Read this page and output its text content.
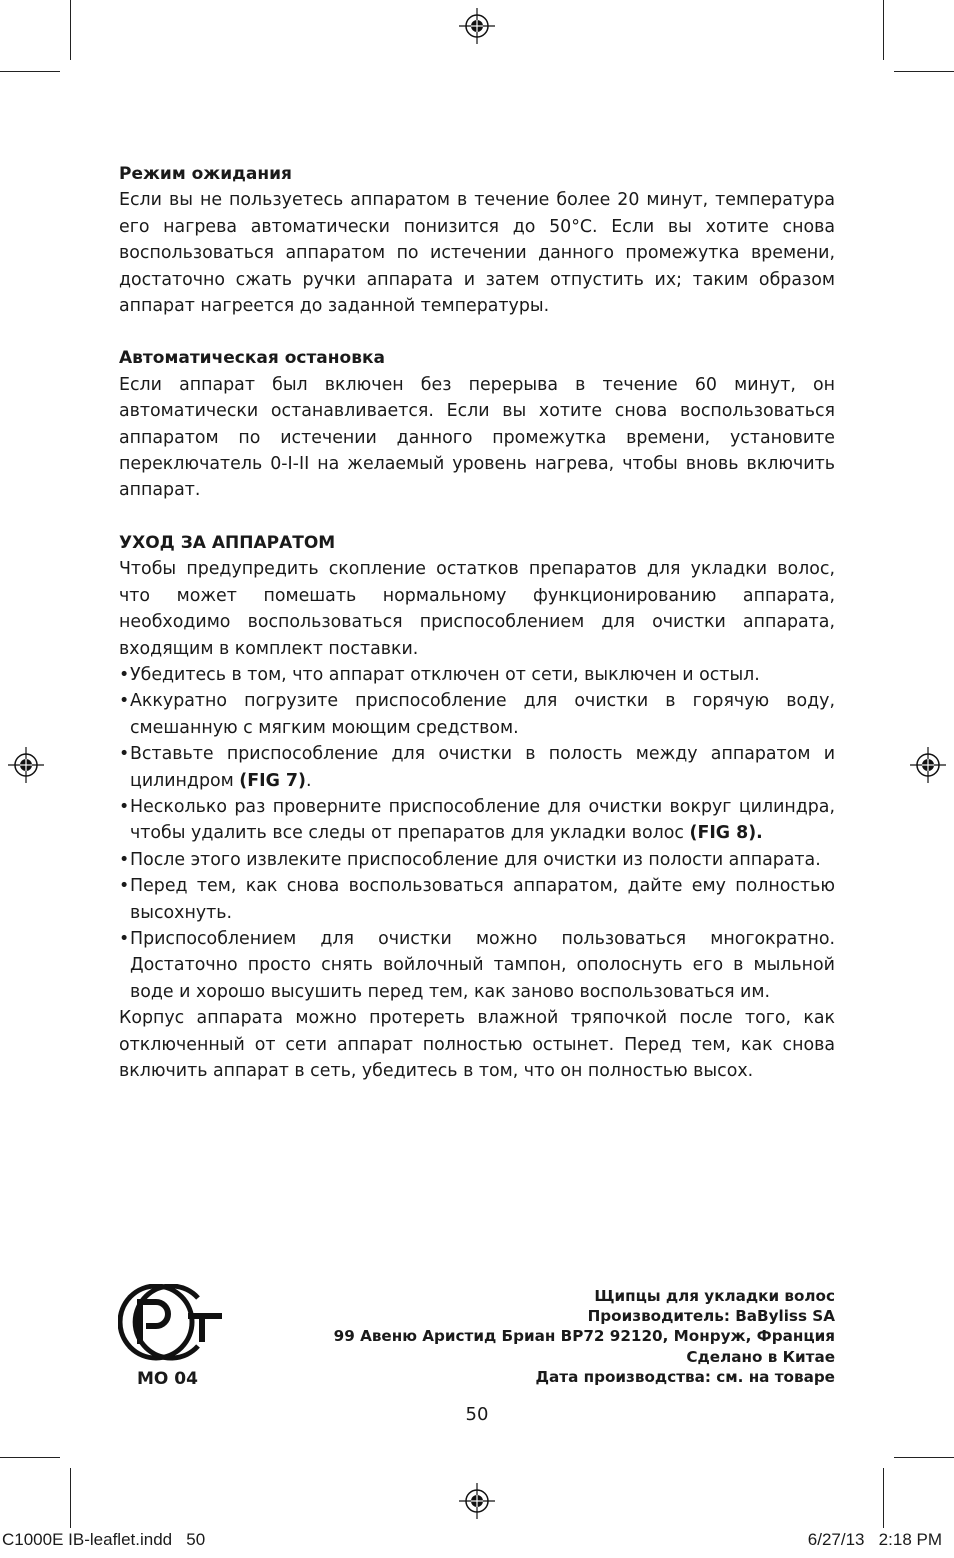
Режим ожидания

Если вы не пользуетесь аппаратом в течение более 20 минут, температура его нагрева автоматически понизится до 50°C. Если вы хотите снова воспользоваться аппаратом по истечении данного промежутка времени, достаточно сжать ручки аппарата и затем отпустить их; таким образом аппарат нагреется до заданной температуры.

Автоматическая остановка

Если аппарат был включен без перерыва в течение 60 минут, он автоматически останавливается. Если вы хотите снова воспользоваться аппаратом по истечении данного промежутка времени, установите переключатель 0-I-II на желаемый уровень нагрева, чтобы вновь включить аппарат.

УХОД ЗА АППАРАТОМ

Чтобы предупредить скопление остатков препаратов для укладки волос, что может помешать нормальному функционированию аппарата, необходимо воспользоваться приспособлением для очистки аппарата, входящим в комплект поставки.

• Убедитесь в том, что аппарат отключен от сети, выключен и остыл.
• Аккуратно погрузите приспособление для очистки в горячую воду, смешанную с мягким моющим средством.
• Вставьте приспособление для очистки в полость между аппаратом и цилиндром (FIG 7).
• Несколько раз проверните приспособление для очистки вокруг цилиндра, чтобы удалить все следы от препаратов для укладки волос (FIG 8).
• После этого извлеките приспособление для очистки из полости аппарата.
• Перед тем, как снова воспользоваться аппаратом, дайте ему полностью высохнуть.
• Приспособлением для очистки можно пользоваться многократно. Достаточно просто снять войлочный тампон, ополоснуть его в мыльной воде и хорошо высушить перед тем, как заново воспользоваться им.

Корпус аппарата можно протереть влажной тряпочкой после того, как отключенный от сети аппарат полностью остынет. Перед тем, как снова включить аппарат в сеть, убедитесь в том, что он полностью высох.

MO 04
Щипцы для укладки волос
Производитель: BaByliss SA
99 Авеню Аристид Бриан BP72 92120, Монруж, Франция
Сделано в Китае
Дата производства: см. на товаре
50
C1000E IB-leaflet.indd   50	6/27/13   2:18 PM
